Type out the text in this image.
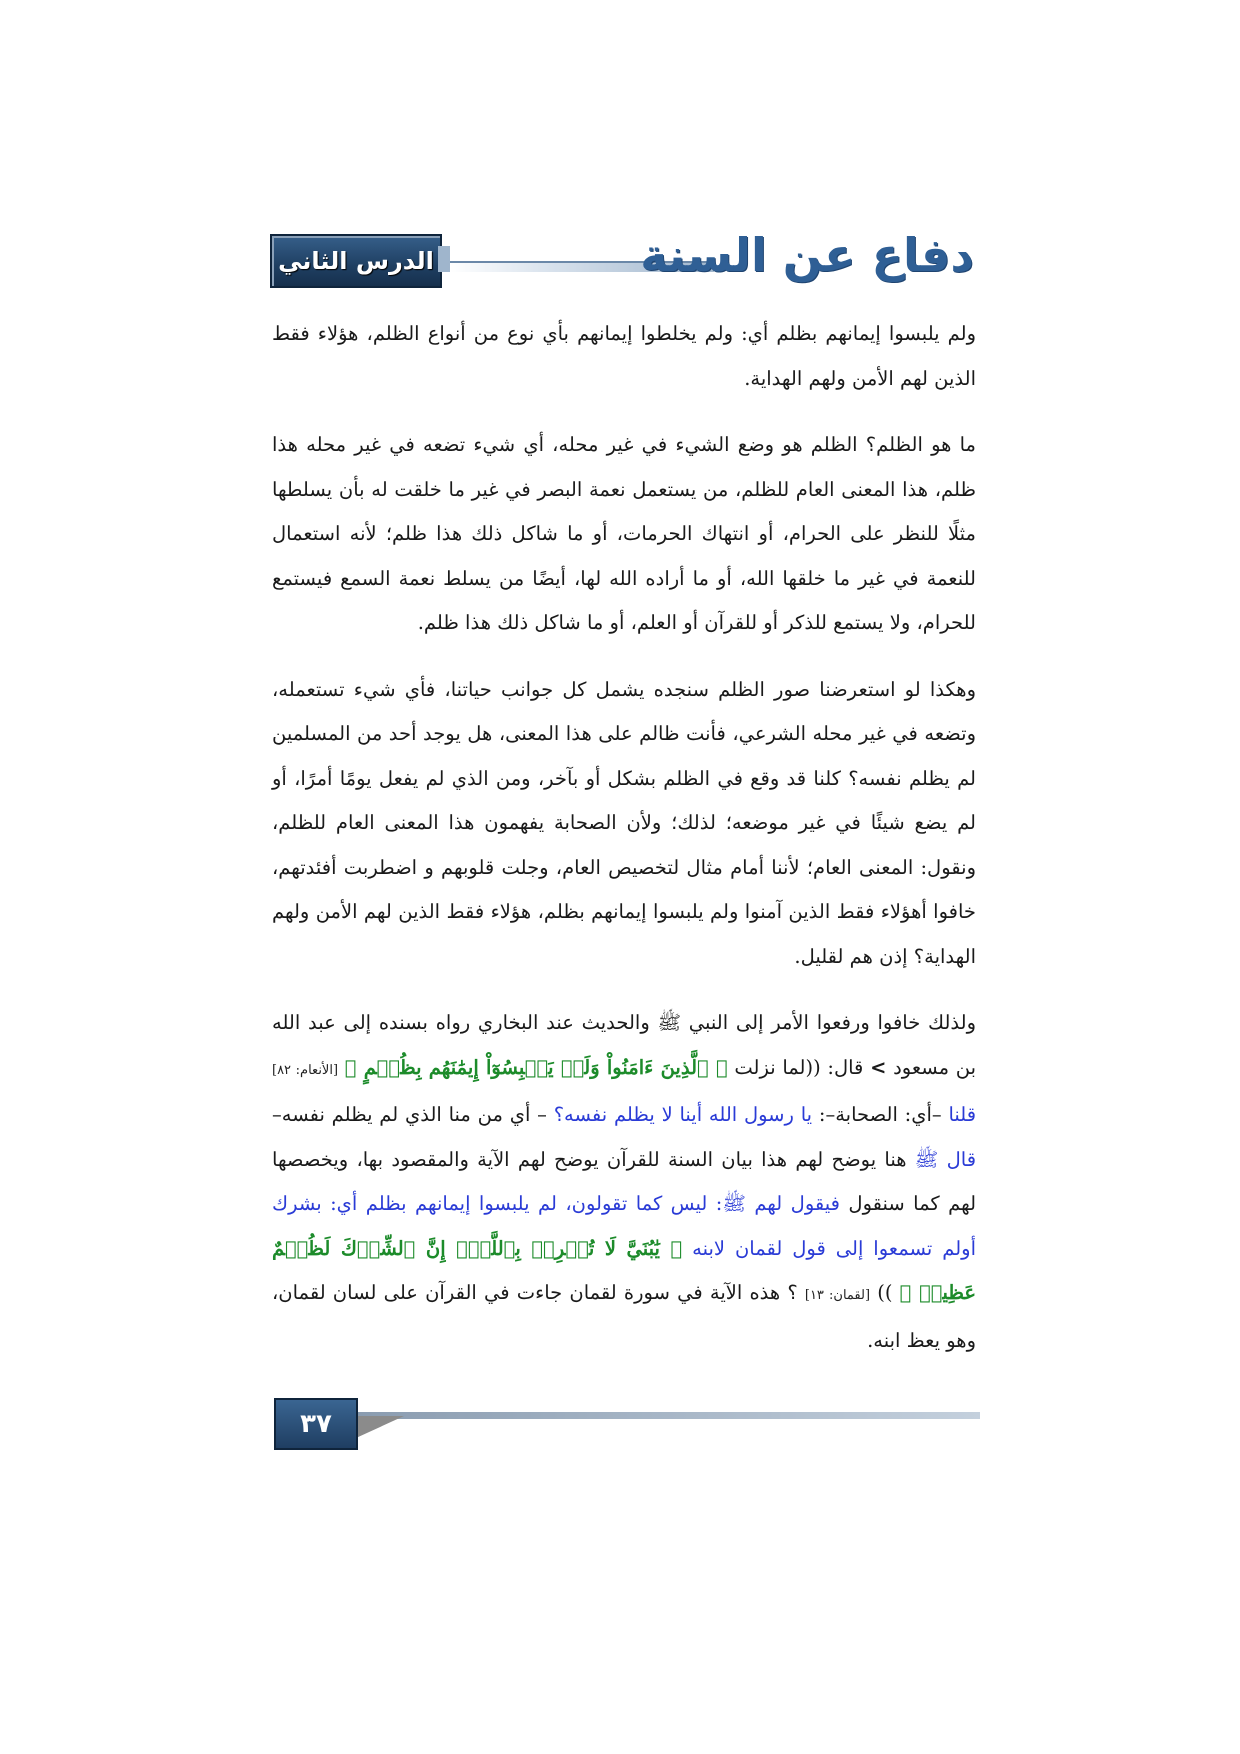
الدرس الثاني	دفاع عن السنة

ولم يلبسوا إيمانهم بظلم أي: ولم يخلطوا إيمانهم بأي نوع من أنواع الظلم، هؤلاء فقط الذين لهم الأمن ولهم الهداية.

ما هو الظلم؟ الظلم هو وضع الشيء في غير محله، أي شيء تضعه في غير محله هذا ظلم، هذا المعنى العام للظلم، من يستعمل نعمة البصر في غير ما خلقت له بأن يسلطها مثلًا للنظر على الحرام، أو انتهاك الحرمات، أو ما شاكل ذلك هذا ظلم؛ لأنه استعمال للنعمة في غير ما خلقها الله، أو ما أراده الله لها، أيضًا من يسلط نعمة السمع فيستمع للحرام، ولا يستمع للذكر أو للقرآن أو العلم، أو ما شاكل ذلك هذا ظلم.

وهكذا لو استعرضنا صور الظلم سنجده يشمل كل جوانب حياتنا، فأي شيء تستعمله، وتضعه في غير محله الشرعي، فأنت ظالم على هذا المعنى، هل يوجد أحد من المسلمين لم يظلم نفسه؟ كلنا قد وقع في الظلم بشكل أو بآخر، ومن الذي لم يفعل يومًا أمرًا، أو لم يضع شيئًا في غير موضعه؛ لذلك؛ ولأن الصحابة يفهمون هذا المعنى العام للظلم، ونقول: المعنى العام؛ لأننا أمام مثال لتخصيص العام، وجلت قلوبهم و اضطربت أفئدتهم، خافوا أهؤلاء فقط الذين آمنوا ولم يلبسوا إيمانهم بظلم، هؤلاء فقط الذين لهم الأمن ولهم الهداية؟ إذن هم لقليل.

ولذلك خافوا ورفعوا الأمر إلى النبي ﷺ والحديث عند البخاري رواه بسنده إلى عبد الله بن مسعود > قال: ((لما نزلت ﴿ ٱلَّذِينَ ءَامَنُواْ وَلَمۡ يَلۡبِسُوٓاْ إِيمَٰنَهُم بِظُلۡمٍ ﴾ [الأنعام: ٨٢] قلنا –أي: الصحابة–: يا رسول الله أينا لا يظلم نفسه؟ – أي من منا الذي لم يظلم نفسه– قال ﷺ هنا يوضح لهم هذا بيان السنة للقرآن يوضح لهم الآية والمقصود بها، ويخصصها لهم كما سنقول فيقول لهم ﷺ: ليس كما تقولون، لم يلبسوا إيمانهم بظلم أي: بشرك أولم تسمعوا إلى قول لقمان لابنه ﴿ يَٰبُنَيَّ لَا تُشۡرِكۡ بِٱللَّهِۖ إِنَّ ٱلشِّرۡكَ لَظُلۡمٌ عَظِيمٞ ﴾ )) [لقمان: ١٣] ؟ هذه الآية في سورة لقمان جاءت في القرآن على لسان لقمان، وهو يعظ ابنه.

٣٧
